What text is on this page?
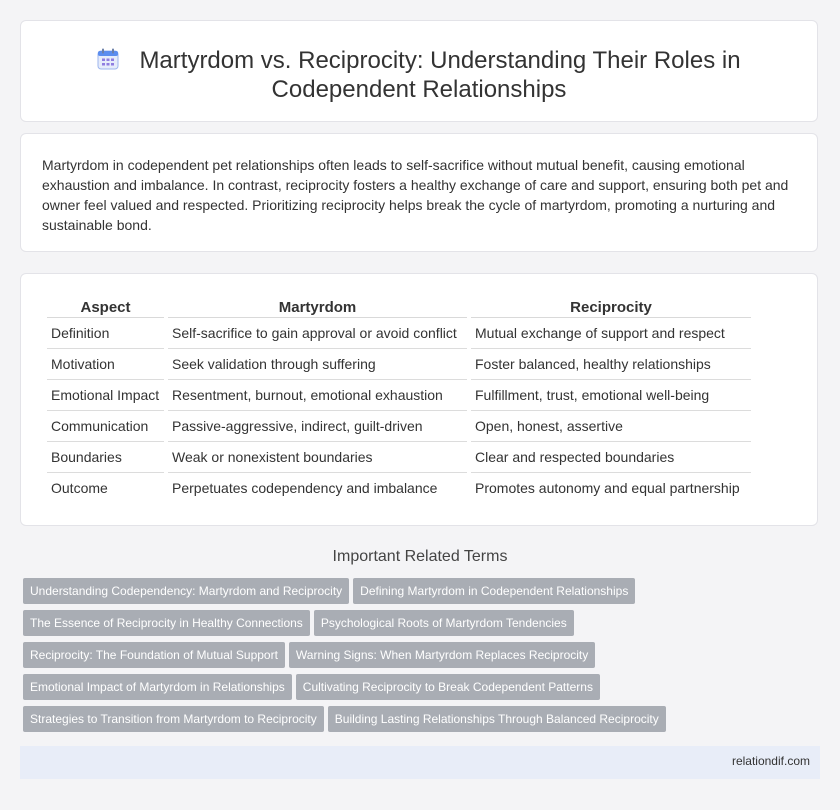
Martyrdom vs. Reciprocity: Understanding Their Roles in
Codependent Relationships

Martyrdom in codependent pet relationships often leads to self-sacrifice without mutual benefit, causing emotional exhaustion and imbalance. In contrast, reciprocity fosters a healthy exchange of care and support, ensuring both pet and owner feel valued and respected. Prioritizing reciprocity helps break the cycle of martyrdom, promoting a nurturing and sustainable bond.

Aspect	Martyrdom	Reciprocity
Definition	Self-sacrifice to gain approval or avoid conflict	Mutual exchange of support and respect
Motivation	Seek validation through suffering	Foster balanced, healthy relationships
Emotional Impact	Resentment, burnout, emotional exhaustion	Fulfillment, trust, emotional well-being
Communication	Passive-aggressive, indirect, guilt-driven	Open, honest, assertive
Boundaries	Weak or nonexistent boundaries	Clear and respected boundaries
Outcome	Perpetuates codependency and imbalance	Promotes autonomy and equal partnership
Important Related Terms
Understanding Codependency: Martyrdom and Reciprocity Defining Martyrdom in Codependent Relationships
The Essence of Reciprocity in Healthy Connections Psychological Roots of Martyrdom Tendencies
Reciprocity: The Foundation of Mutual Support Warning Signs: When Martyrdom Replaces Reciprocity
Emotional Impact of Martyrdom in Relationships Cultivating Reciprocity to Break Codependent Patterns
Strategies to Transition from Martyrdom to Reciprocity Building Lasting Relationships Through Balanced Reciprocity
relationdif.com
